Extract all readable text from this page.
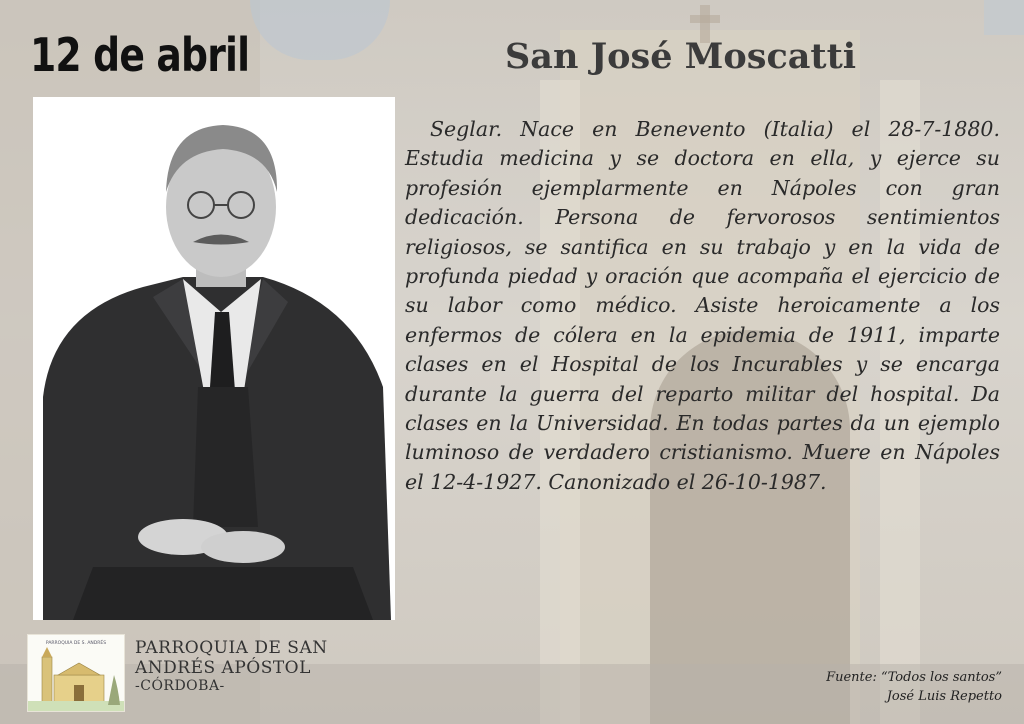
12 de abril	San José Moscatti

Seglar. Nace en Benevento (Italia) el 28-7-1880. Estudia medicina y se doctora en ella, y ejerce su profesión ejemplarmente en Nápoles con gran dedicación. Persona de fervorosos sentimientos religiosos, se santifica en su trabajo y en la vida de profunda piedad y oración que acompaña el ejercicio de su labor como médico. Asiste heroicamente a los enfermos de cólera en la epidemia de 1911, imparte clases en el Hospital de los Incurables y se encarga durante la guerra del reparto militar del hospital. Da clases en la Universidad. En todas partes da un ejemplo luminoso de verdadero cristianismo. Muere en Nápoles el 12-4-1927. Canonizado el 26-10-1987.

PARROQUIA DE S. ANDRÉS PARROQUIA DE SAN
ANDRÉS APÓSTOL
-CÓRDOBA-
Fuente: “Todos los santos”
José Luis Repetto
